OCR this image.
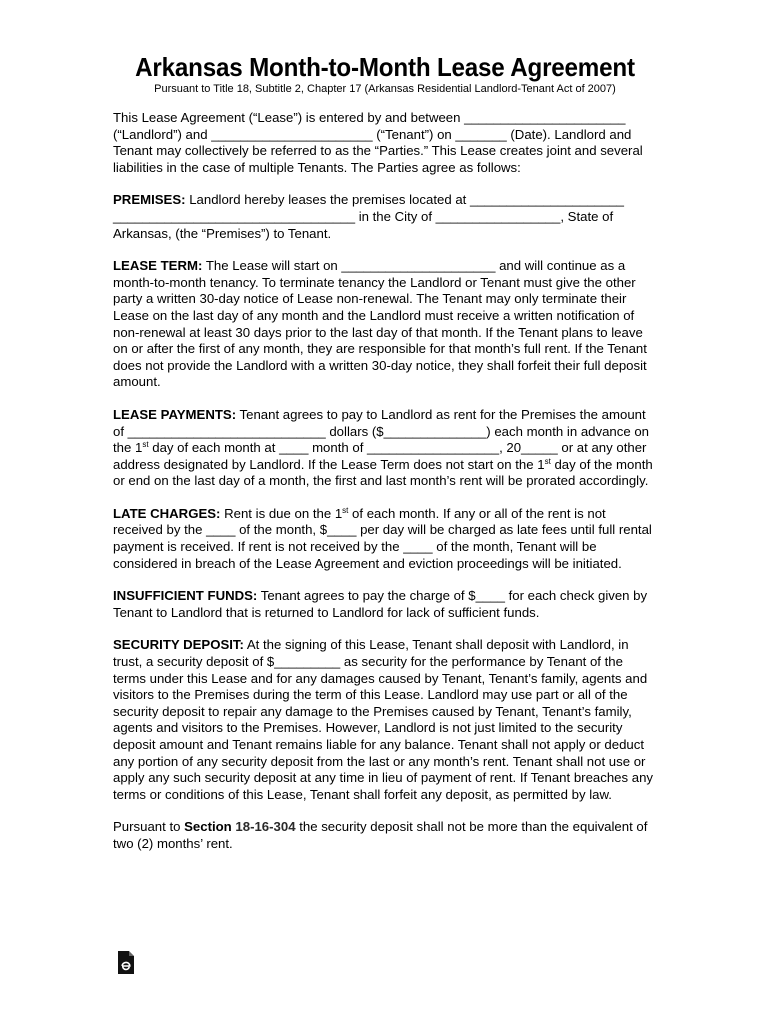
Arkansas Month-to-Month Lease Agreement
Pursuant to Title 18, Subtitle 2, Chapter 17 (Arkansas Residential Landlord-Tenant Act of 2007)

This Lease Agreement (“Lease”) is entered by and between ______________________ (“Landlord”) and ______________________ (“Tenant”) on _______ (Date). Landlord and Tenant may collectively be referred to as the “Parties.” This Lease creates joint and several liabilities in the case of multiple Tenants. The Parties agree as follows:

PREMISES: Landlord hereby leases the premises located at _____________________ _________________________________ in the City of _________________, State of Arkansas, (the “Premises”) to Tenant.

LEASE TERM: The Lease will start on _____________________ and will continue as a month-to-month tenancy. To terminate tenancy the Landlord or Tenant must give the other party a written 30-day notice of Lease non-renewal. The Tenant may only terminate their Lease on the last day of any month and the Landlord must receive a written notification of non-renewal at least 30 days prior to the last day of that month. If the Tenant plans to leave on or after the first of any month, they are responsible for that month’s full rent. If the Tenant does not provide the Landlord with a written 30-day notice, they shall forfeit their full deposit amount.

LEASE PAYMENTS: Tenant agrees to pay to Landlord as rent for the Premises the amount of ___________________________ dollars ($______________) each month in advance on the 1st day of each month at ____ month of __________________, 20_____ or at any other address designated by Landlord. If the Lease Term does not start on the 1st day of the month or end on the last day of a month, the first and last month’s rent will be prorated accordingly.

LATE CHARGES: Rent is due on the 1st of each month. If any or all of the rent is not received by the ____ of the month, $____ per day will be charged as late fees until full rental payment is received. If rent is not received by the ____ of the month, Tenant will be considered in breach of the Lease Agreement and eviction proceedings will be initiated.

INSUFFICIENT FUNDS: Tenant agrees to pay the charge of $____ for each check given by Tenant to Landlord that is returned to Landlord for lack of sufficient funds.

SECURITY DEPOSIT: At the signing of this Lease, Tenant shall deposit with Landlord, in trust, a security deposit of $_________ as security for the performance by Tenant of the terms under this Lease and for any damages caused by Tenant, Tenant’s family, agents and visitors to the Premises during the term of this Lease. Landlord may use part or all of the security deposit to repair any damage to the Premises caused by Tenant, Tenant’s family, agents and visitors to the Premises. However, Landlord is not just limited to the security deposit amount and Tenant remains liable for any balance. Tenant shall not apply or deduct any portion of any security deposit from the last or any month’s rent. Tenant shall not use or apply any such security deposit at any time in lieu of payment of rent. If Tenant breaches any terms or conditions of this Lease, Tenant shall forfeit any deposit, as permitted by law.

Pursuant to Section 18-16-304 the security deposit shall not be more than the equivalent of two (2) months’ rent.
